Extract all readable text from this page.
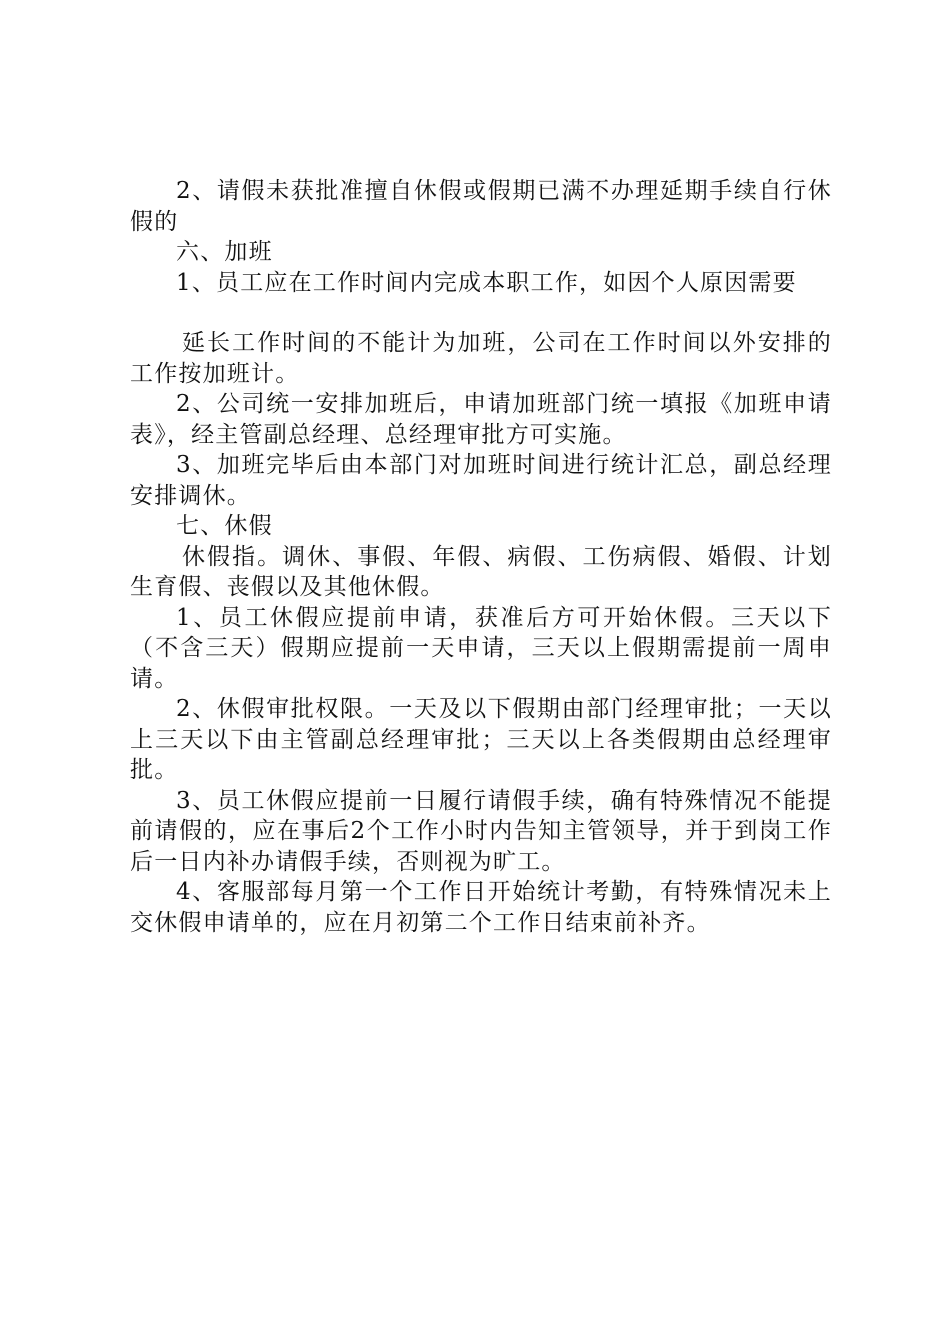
2、请假未获批准擅自休假或假期已满不办理延期手续自行休假的

六、加班

1、员工应在工作时间内完成本职工作，如因个人原因需要

延长工作时间的不能计为加班，公司在工作时间以外安排的工作按加班计。

2、公司统一安排加班后，申请加班部门统一填报《加班申请表》，经主管副总经理、总经理审批方可实施。

3、加班完毕后由本部门对加班时间进行统计汇总，副总经理安排调休。

七、休假

休假指。调休、事假、年假、病假、工伤病假、婚假、计划生育假、丧假以及其他休假。

1、员工休假应提前申请，获准后方可开始休假。三天以下（不含三天）假期应提前一天申请，三天以上假期需提前一周申请。

2、休假审批权限。一天及以下假期由部门经理审批；一天以上三天以下由主管副总经理审批；三天以上各类假期由总经理审批。

3、员工休假应提前一日履行请假手续，确有特殊情况不能提前请假的，应在事后2个工作小时内告知主管领导，并于到岗工作后一日内补办请假手续，否则视为旷工。

4、客服部每月第一个工作日开始统计考勤，有特殊情况未上交休假申请单的，应在月初第二个工作日结束前补齐。
